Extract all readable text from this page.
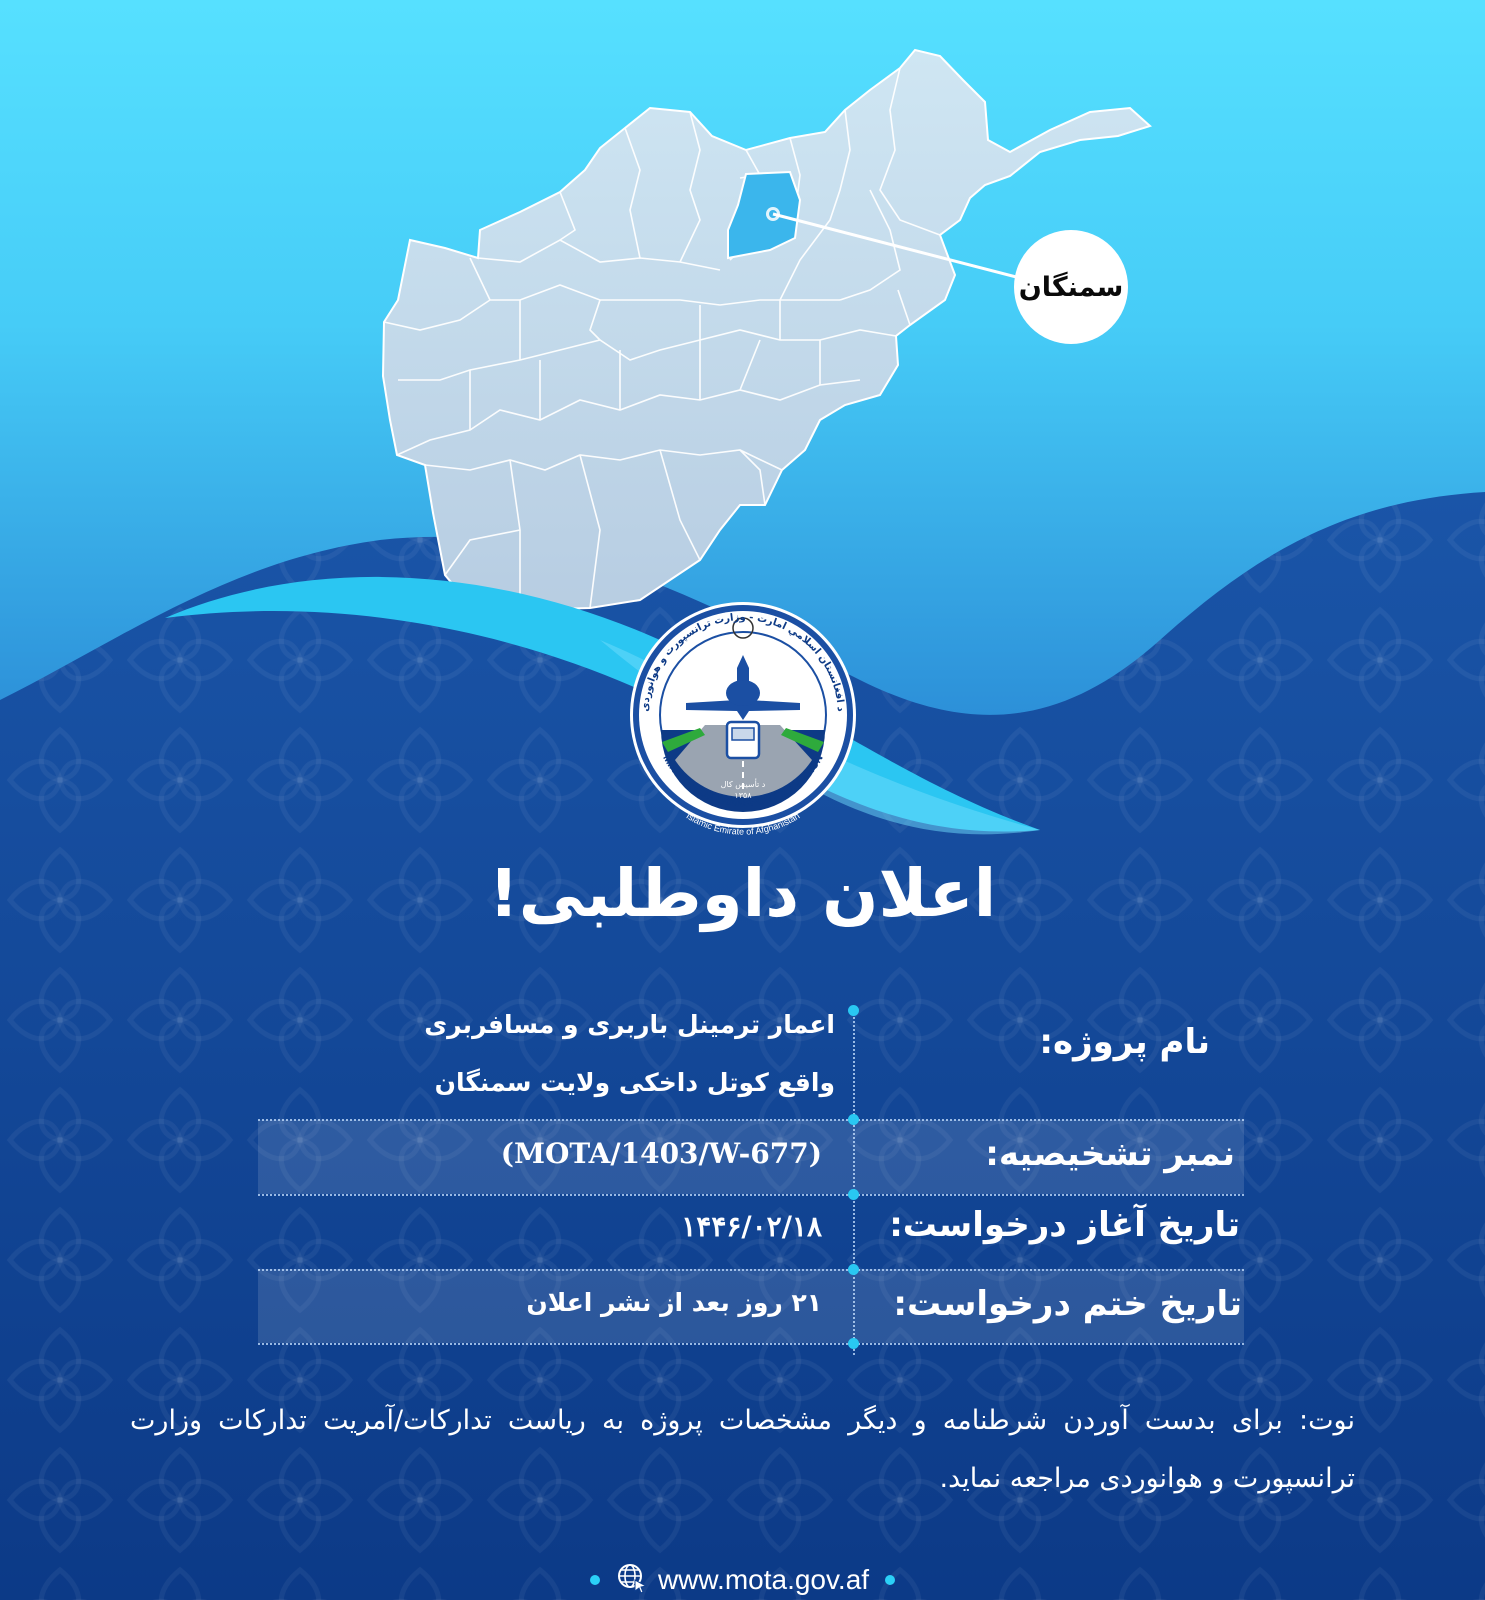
د افغانستان اسلامي امارت - وزارت ترانسپورت و هوانوردی
MINISTRY OF TRANSPORT & AVIATION
Islamic Emirate of Afghanistan
د تأسیس کال
۱۳۵۸
سمنگان
اعلان داوطلبی!
نام پروژه:
اعمار ترمینل باربری و مسافربری
واقع کوتل داخکی ولایت سمنگان
نمبر تشخیصیه:
(MOTA/1403/W-677)
تاریخ آغاز درخواست:
۱۴۴۶/۰۲/۱۸
تاریخ ختم درخواست:
۲۱ روز بعد از نشر اعلان
نوت: برای بدست آوردن شرطنامه و دیگر مشخصات پروژه به ریاست تدارکات/آمریت تدارکات وزارت ترانسپورت و هوانوردی مراجعه نماید.
www.mota.gov.af
